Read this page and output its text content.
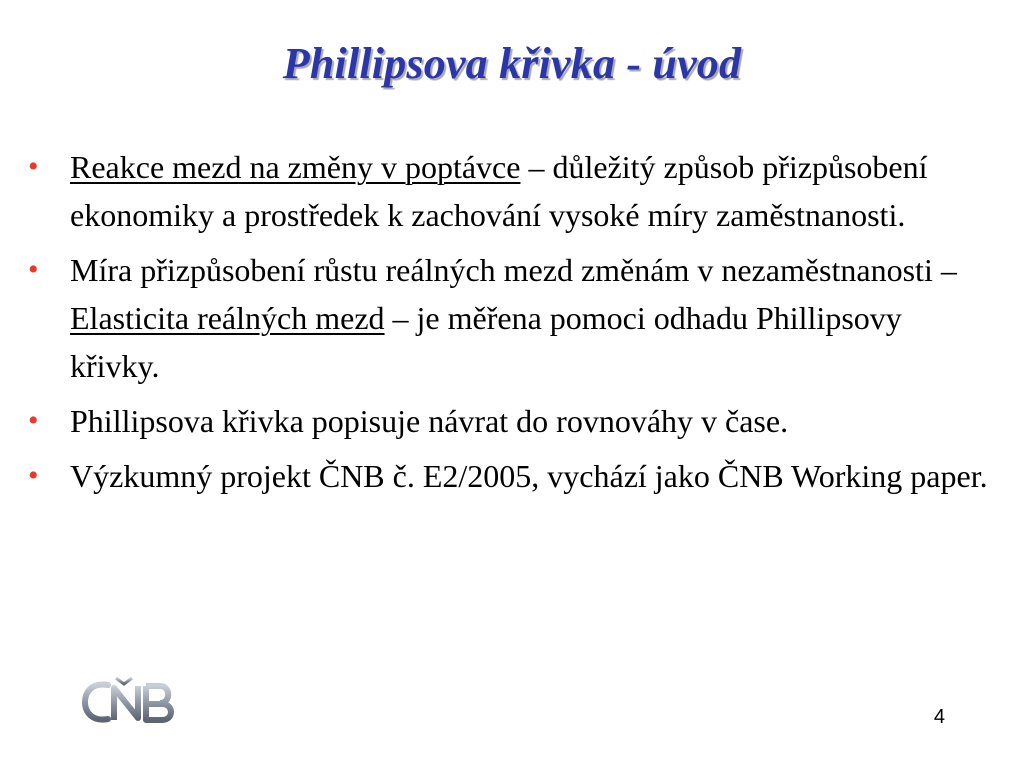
Phillipsova křivka - úvod
• Reakce mezd na změny v poptávce – důležitý způsob přizpůsobení ekonomiky a prostředek k zachování vysoké míry zaměstnanosti.
• Míra přizpůsobení růstu reálných mezd změnám v nezaměstnanosti – Elasticita reálných mezd – je měřena pomoci odhadu Phillipsovy křivky.
• Phillipsova křivka popisuje návrat do rovnováhy v čase.
• Výzkumný projekt ČNB č. E2/2005, vychází jako ČNB Working paper.
4
